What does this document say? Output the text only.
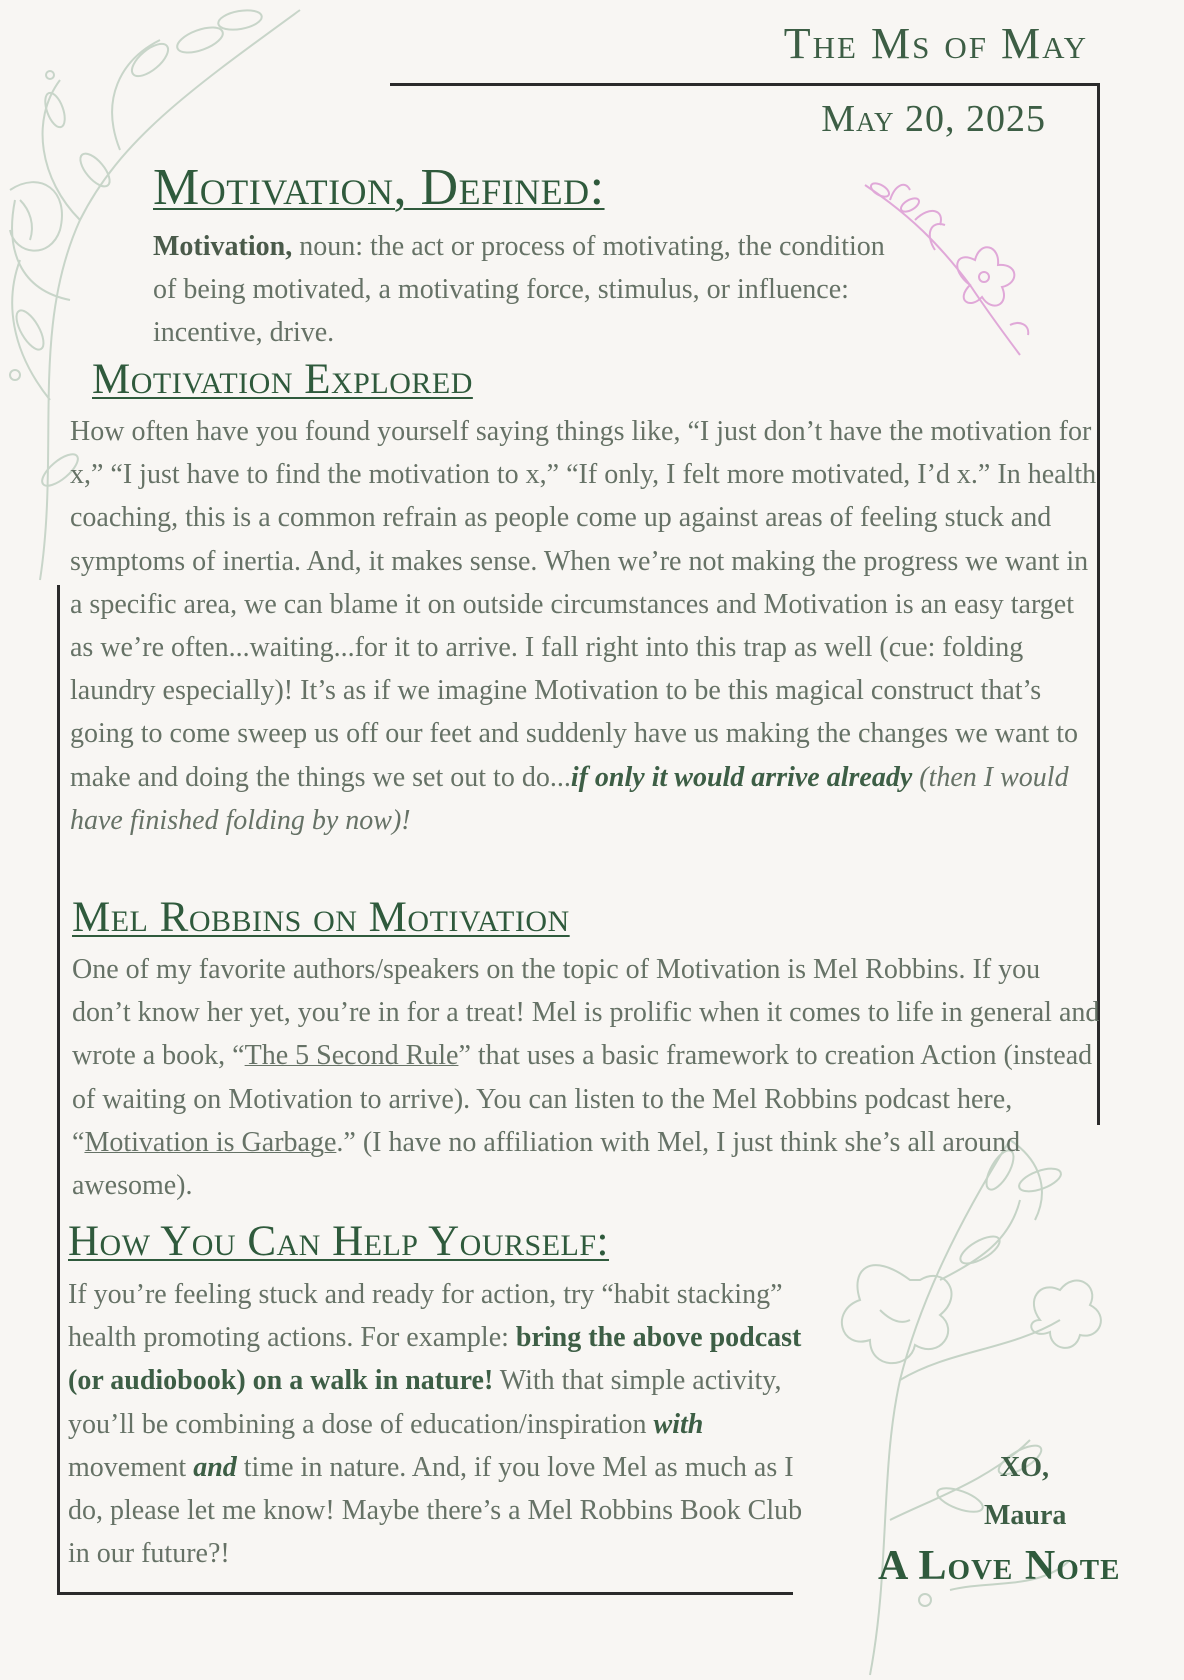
The Ms of May
May 20, 2025
Motivation, Defined:
Motivation, noun: the act or process of motivating, the condition of being motivated, a motivating force, stimulus, or influence: incentive, drive.
Motivation Explored
How often have you found yourself saying things like, “I just don’t have the motivation for x,” “I just have to find the motivation to x,” “If only, I felt more motivated, I’d x.” In health coaching, this is a common refrain as people come up against areas of feeling stuck and symptoms of inertia. And, it makes sense. When we’re not making the progress we want in a specific area, we can blame it on outside circumstances and Motivation is an easy target as we’re often...waiting...for it to arrive. I fall right into this trap as well (cue: folding laundry especially)! It’s as if we imagine Motivation to be this magical construct that’s going to come sweep us off our feet and suddenly have us making the changes we want to make and doing the things we set out to do...if only it would arrive already (then I would have finished folding by now)!
Mel Robbins on Motivation
One of my favorite authors/speakers on the topic of Motivation is Mel Robbins. If you don’t know her yet, you’re in for a treat! Mel is prolific when it comes to life in general and wrote a book, “The 5 Second Rule” that uses a basic framework to creation Action (instead of waiting on Motivation to arrive). You can listen to the Mel Robbins podcast here, “Motivation is Garbage.” (I have no affiliation with Mel, I just think she’s all around awesome).
How You Can Help Yourself:
If you’re feeling stuck and ready for action, try “habit stacking” health promoting actions. For example: bring the above podcast (or audiobook) on a walk in nature! With that simple activity, you’ll be combining a dose of education/inspiration with movement and time in nature. And, if you love Mel as much as I do, please let me know! Maybe there’s a Mel Robbins Book Club in our future?!
XO,
Maura
A Love Note
